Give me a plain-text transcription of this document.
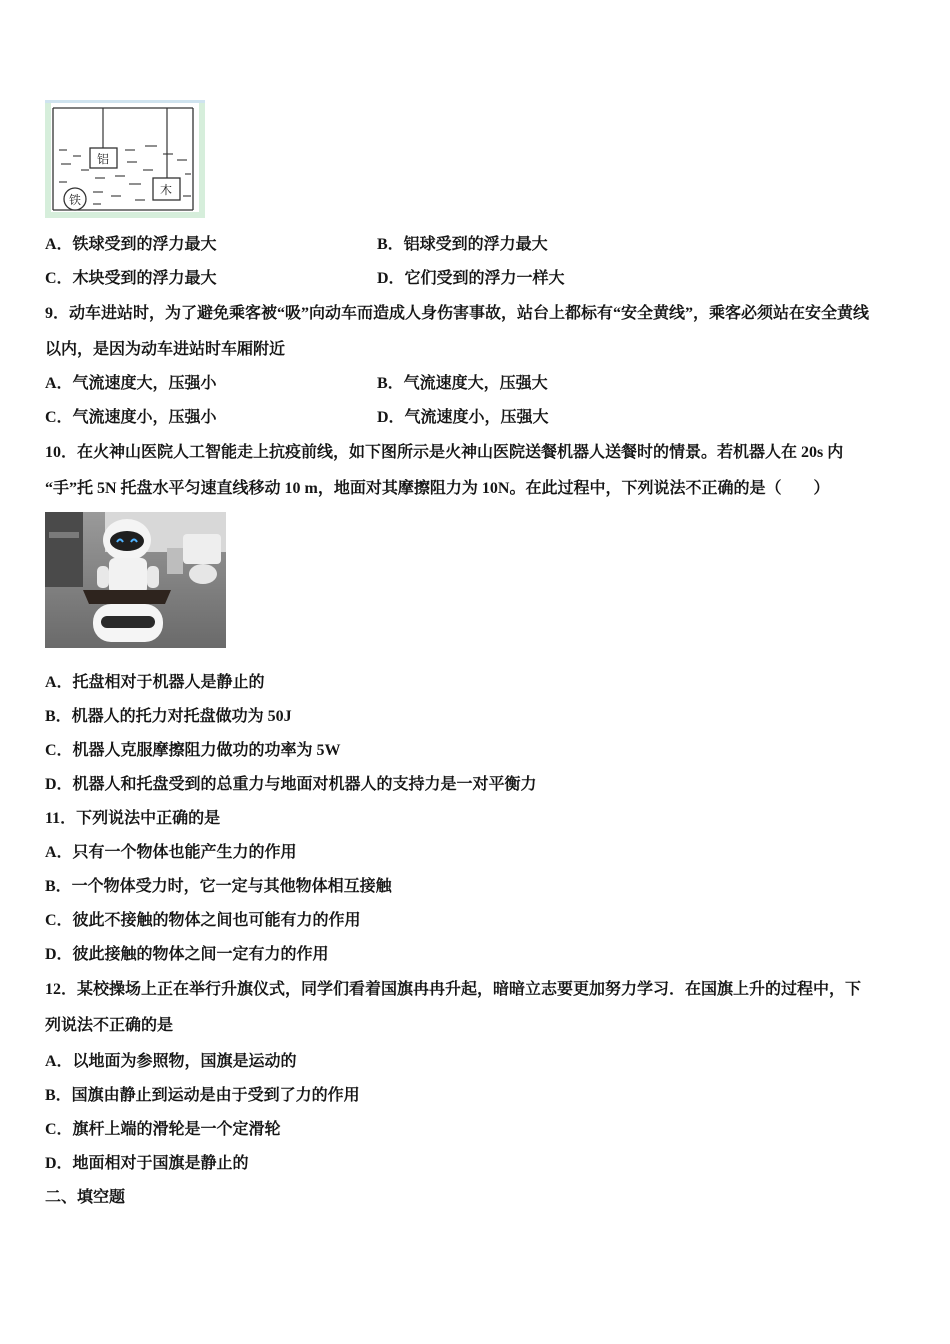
铝
木
铁
A．铁球受到的浮力最大	B．铝球受到的浮力最大
C．木块受到的浮力最大	D．它们受到的浮力一样大
9．动车进站时，为了避免乘客被“吸”向动车而造成人身伤害事故，站台上都标有“安全黄线”，乘客必须站在安全黄线
以内，是因为动车进站时车厢附近
A．气流速度大，压强小	B．气流速度大，压强大
C．气流速度小，压强小	D．气流速度小，压强大
10．在火神山医院人工智能走上抗疫前线，如下图所示是火神山医院送餐机器人送餐时的情景。若机器人在 20s 内
“手”托 5N 托盘水平匀速直线移动 10 m，地面对其摩擦阻力为 10N。在此过程中，下列说法不正确的是（　　）
A．托盘相对于机器人是静止的
B．机器人的托力对托盘做功为 50J
C．机器人克服摩擦阻力做功的功率为 5W
D．机器人和托盘受到的总重力与地面对机器人的支持力是一对平衡力
11．下列说法中正确的是
A．只有一个物体也能产生力的作用
B．一个物体受力时，它一定与其他物体相互接触
C．彼此不接触的物体之间也可能有力的作用
D．彼此接触的物体之间一定有力的作用
12．某校操场上正在举行升旗仪式，同学们看着国旗冉冉升起，暗暗立志要更加努力学习．在国旗上升的过程中，下
列说法不正确的是
A．以地面为参照物，国旗是运动的
B．国旗由静止到运动是由于受到了力的作用
C．旗杆上端的滑轮是一个定滑轮
D．地面相对于国旗是静止的
二、填空题
